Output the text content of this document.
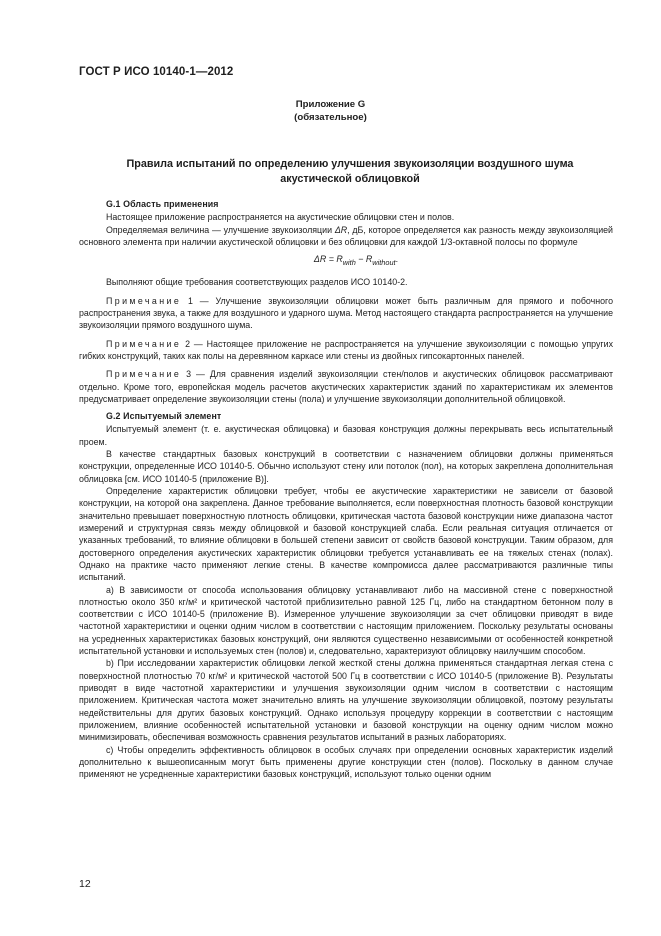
ГОСТ Р ИСО 10140-1—2012
Приложение G
(обязательное)
Правила испытаний по определению улучшения звукоизоляции воздушного шума
акустической облицовкой
G.1 Область применения

Настоящее приложение распространяется на акустические облицовки стен и полов.

Определяемая величина — улучшение звукоизоляции ΔR, дБ, которое определяется как разность между звукоизоляцией основного элемента при наличии акустической облицовки и без облицовки для каждой 1/3-октавной полосы по формуле

$\Delta R = R_{with} - R_{without}$.

Выполняют общие требования соответствующих разделов ИСО 10140-2.

Примечание 1 — Улучшение звукоизоляции облицовки может быть различным для прямого и побочного распространения звука, а также для воздушного и ударного шума. Метод настоящего стандарта распространяется на улучшение звукоизоляции прямого воздушного шума.

Примечание 2 — Настоящее приложение не распространяется на улучшение звукоизоляции с помощью упругих гибких конструкций, таких как полы на деревянном каркасе или стены из двойных гипсокартонных панелей.

Примечание 3 — Для сравнения изделий звукоизоляции стен/полов и акустических облицовок рассматривают отдельно. Кроме того, европейская модель расчетов акустических характеристик зданий по характеристикам их элементов предусматривает определение звукоизоляции стены (пола) и улучшение звукоизоляции дополнительной облицовкой.

G.2 Испытуемый элемент

Испытуемый элемент (т. е. акустическая облицовка) и базовая конструкция должны перекрывать весь испытательный проем.

В качестве стандартных базовых конструкций в соответствии с назначением облицовки должны применяться конструкции, определенные ИСО 10140-5. Обычно используют стену или потолок (пол), на которых закреплена дополнительная облицовка [см. ИСО 10140-5 (приложение В)].

Определение характеристик облицовки требует, чтобы ее акустические характеристики не зависели от базовой конструкции, на которой она закреплена. Данное требование выполняется, если поверхностная плотность базовой конструкции значительно превышает поверхностную плотность облицовки, критическая частота базовой конструкции ниже диапазона частот измерений и структурная связь между облицовкой и базовой конструкцией слаба. Если реальная ситуация отличается от указанных требований, то влияние облицовки в большей степени зависит от свойств базовой конструкции. Таким образом, для достоверного определения акустических характеристик облицовки требуется устанавливать ее на тяжелых стенах (полах). Однако на практике часто применяют легкие стены. В качестве компромисса далее рассматриваются различные типы испытаний.

a) В зависимости от способа использования облицовку устанавливают либо на массивной стене с поверхностной плотностью около 350 кг/м² и критической частотой приблизительно равной 125 Гц, либо на стандартном бетонном полу в соответствии с ИСО 10140-5 (приложение В). Измеренное улучшение звукоизоляции за счет облицовки приводят в виде частотной характеристики и оценки одним числом в соответствии с настоящим приложением. Поскольку результаты основаны на усредненных характеристиках базовых конструкций, они являются существенно независимыми от особенностей конкретной испытательной установки и используемых стен (полов) и, следовательно, характеризуют облицовку наилучшим способом.

b) При исследовании характеристик облицовки легкой жесткой стены должна применяться стандартная легкая стена с поверхностной плотностью 70 кг/м² и критической частотой 500 Гц в соответствии с ИСО 10140-5 (приложение В). Результаты приводят в виде частотной характеристики и улучшения звукоизоляции одним числом в соответствии с настоящим приложением. Критическая частота может значительно влиять на улучшение звукоизоляции облицовкой, поэтому результаты недействительны для других базовых конструкций. Однако используя процедуру коррекции в соответствии с настоящим приложением, влияние особенностей испытательной установки и базовой конструкции на оценку одним числом можно минимизировать, обеспечивая возможность сравнения результатов испытаний в разных лабораториях.

c) Чтобы определить эффективность облицовок в особых случаях при определении основных характеристик изделий дополнительно к вышеописанным могут быть применены другие конструкции стен (полов). Поскольку в данном случае применяют не усредненные характеристики базовых конструкций, используют только оценки одним

12
